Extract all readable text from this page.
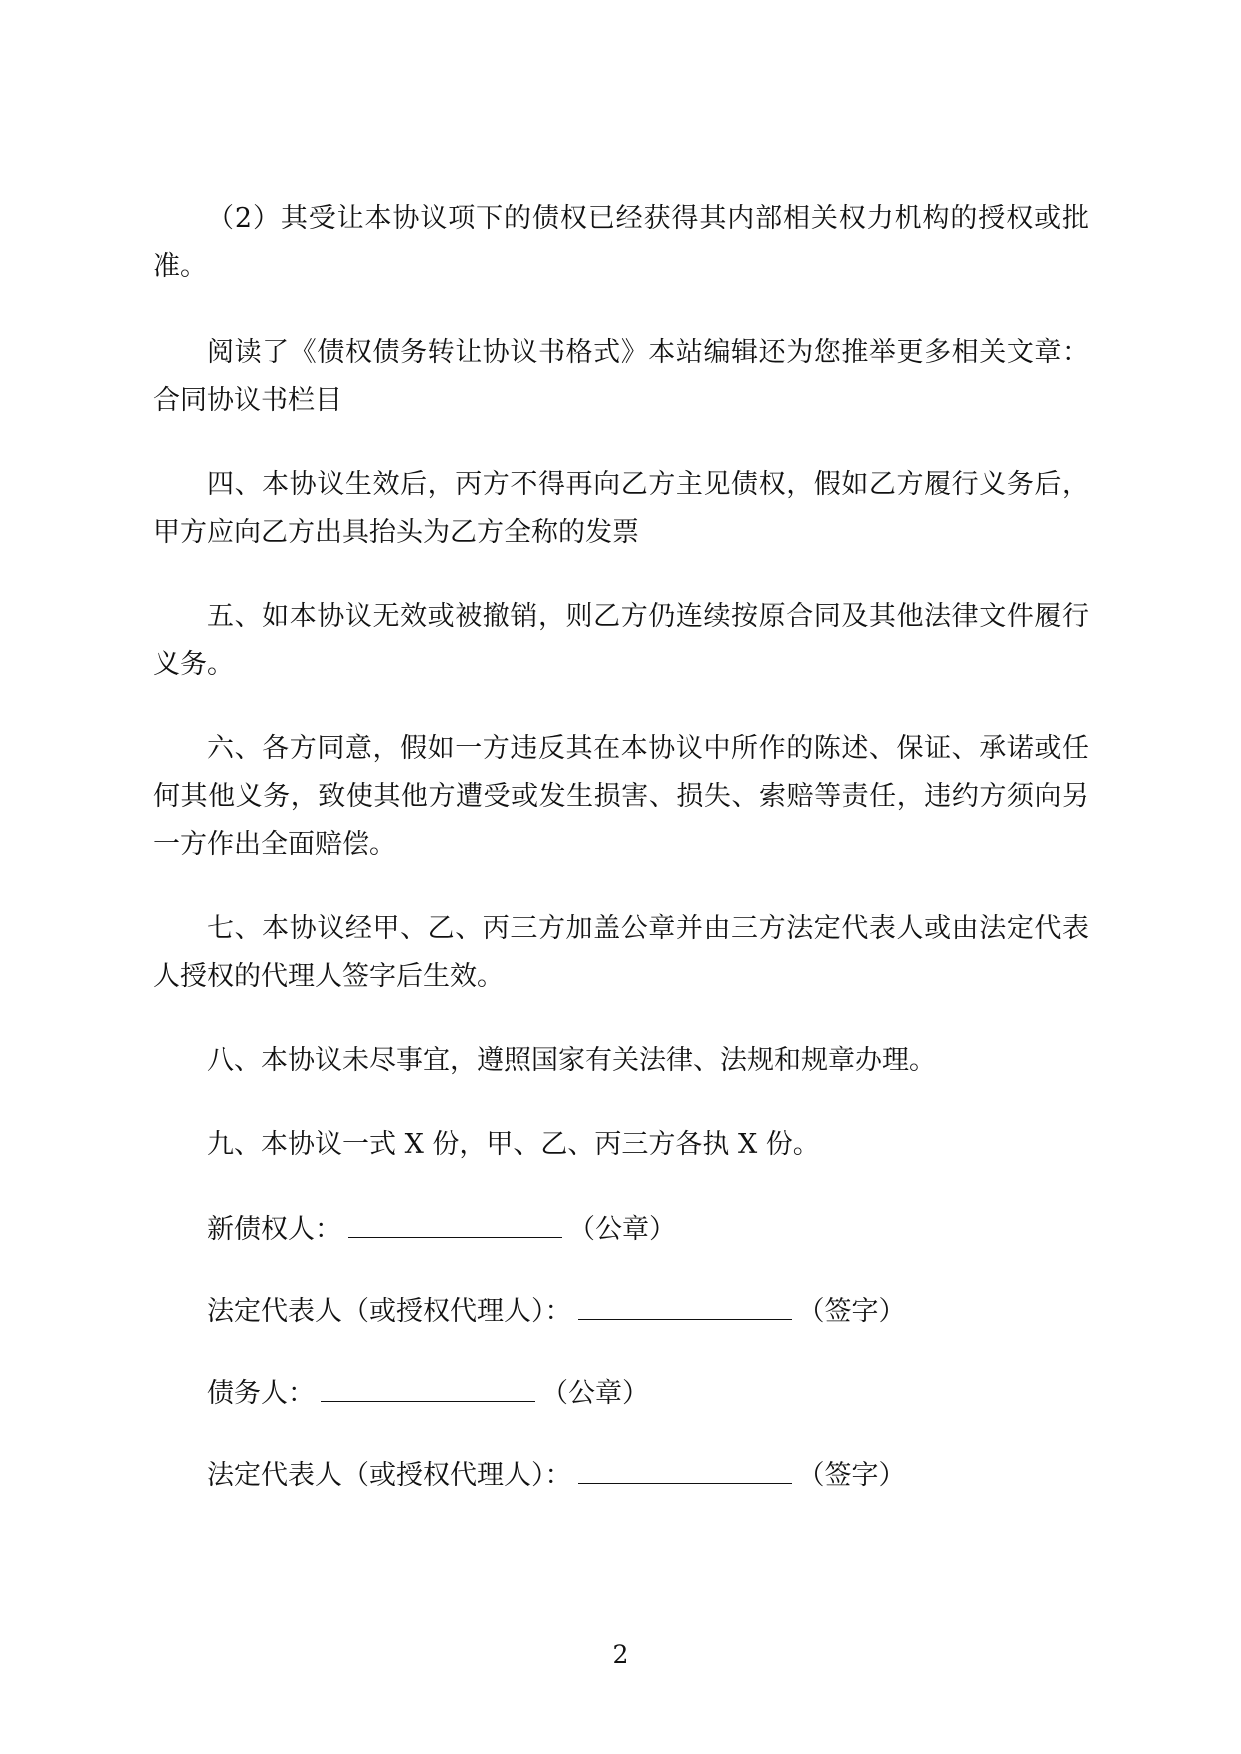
（2）其受让本协议项下的债权已经获得其内部相关权力机构的授权或批准。

阅读了《债权债务转让协议书格式》本站编辑还为您推举更多相关文章：合同协议书栏目

四、本协议生效后，丙方不得再向乙方主见债权，假如乙方履行义务后，甲方应向乙方出具抬头为乙方全称的发票

五、如本协议无效或被撤销，则乙方仍连续按原合同及其他法律文件履行义务。

六、各方同意，假如一方违反其在本协议中所作的陈述、保证、承诺或任何其他义务，致使其他方遭受或发生损害、损失、索赔等责任，违约方须向另一方作出全面赔偿。

七、本协议经甲、乙、丙三方加盖公章并由三方法定代表人或由法定代表人授权的代理人签字后生效。

八、本协议未尽事宜，遵照国家有关法律、法规和规章办理。

九、本协议一式 X 份，甲、乙、丙三方各执 X 份。

新债权人：	（公章）
法定代表人（或授权代理人）：	（签字）
债务人：	（公章）
法定代表人（或授权代理人）：	（签字）
2
